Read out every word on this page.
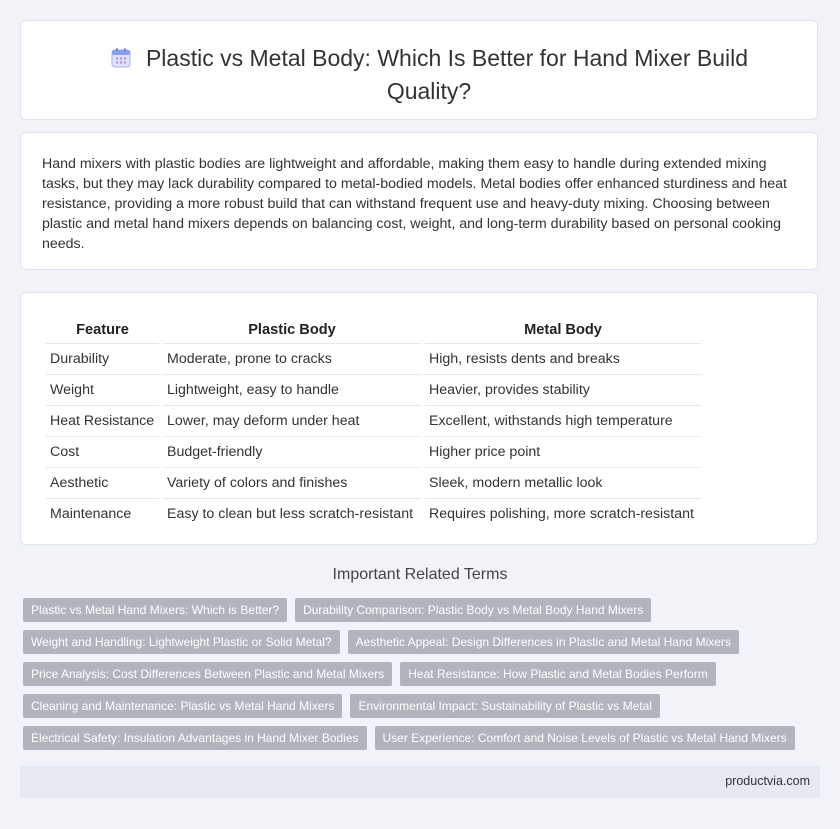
Plastic vs Metal Body: Which Is Better for Hand Mixer Build Quality?
Hand mixers with plastic bodies are lightweight and affordable, making them easy to handle during extended mixing tasks, but they may lack durability compared to metal-bodied models. Metal bodies offer enhanced sturdiness and heat resistance, providing a more robust build that can withstand frequent use and heavy-duty mixing. Choosing between plastic and metal hand mixers depends on balancing cost, weight, and long-term durability based on personal cooking needs.
Feature	Plastic Body	Metal Body
Durability	Moderate, prone to cracks	High, resists dents and breaks
Weight	Lightweight, easy to handle	Heavier, provides stability
Heat Resistance	Lower, may deform under heat	Excellent, withstands high temperature
Cost	Budget-friendly	Higher price point
Aesthetic	Variety of colors and finishes	Sleek, modern metallic look
Maintenance	Easy to clean but less scratch-resistant	Requires polishing, more scratch-resistant
Important Related Terms
Plastic vs Metal Hand Mixers: Which is Better?	Durability Comparison: Plastic Body vs Metal Body Hand Mixers
Weight and Handling: Lightweight Plastic or Solid Metal?	Aesthetic Appeal: Design Differences in Plastic and Metal Hand Mixers
Price Analysis: Cost Differences Between Plastic and Metal Mixers	Heat Resistance: How Plastic and Metal Bodies Perform
Cleaning and Maintenance: Plastic vs Metal Hand Mixers	Environmental Impact: Sustainability of Plastic vs Metal
Electrical Safety: Insulation Advantages in Hand Mixer Bodies	User Experience: Comfort and Noise Levels of Plastic vs Metal Hand Mixers
productvia.com
